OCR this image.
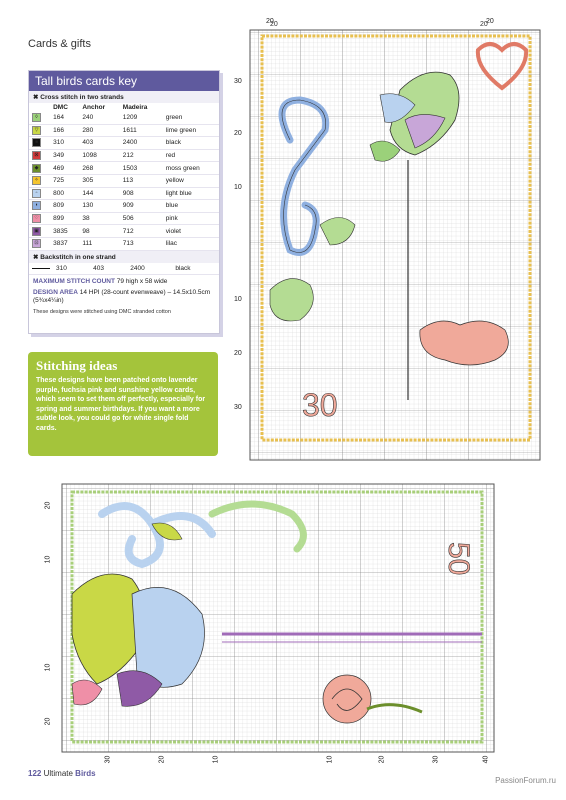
Cards & gifts
Tall birds cards key
✖ Cross stitch in two strands
	DMC	Anchor	Madeira	
◊	164	240	1209	green
▽	166	280	1611	lime green
■	310	403	2400	black
⊠	349	1098	212	red
◆	469	268	1503	moss green
✧	725	305	113	yellow
▫	800	144	908	light blue
◖	809	130	909	blue
♡	899	38	506	pink
▣	3835	98	712	violet
⊡	3837	111	713	lilac
✖ Backstitch in one strand
	310	403	2400	black
MAXIMUM STITCH COUNT 79 high x 58 wide
DESIGN AREA 14 HPI (28-count evenweave) – 14.5x10.5cm (5¾x4¼in)
These designs were stitched using DMC stranded cotton
Stitching ideas
These designs have been patched onto lavender purple, fuchsia pink and sunshine yellow cards, which seem to set them off perfectly, especially for spring and summer birthdays. If you want a more subtle look, you could go for white single fold cards.
30
20	20
20	20
30
20
10
10
20
30
50
20
10
10
20
30	20	10	10	20	30	40
122 Ultimate Birds
PassionForum.ru
